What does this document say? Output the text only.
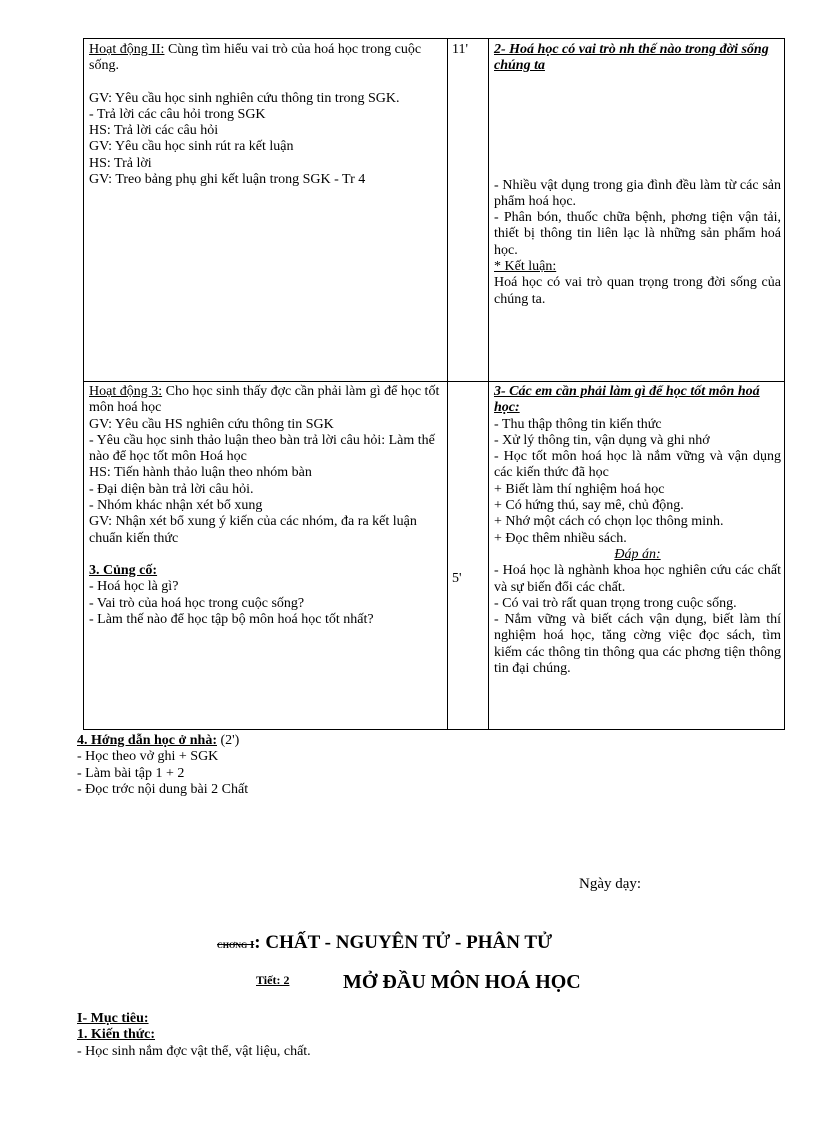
Hoạt động II: Cùng tìm hiểu vai trò của hoá học trong cuộc sống.

GV: Yêu cầu học sinh nghiên cứu thông tin trong SGK.

- Trả lời các câu hỏi trong SGK

HS: Trả lời các câu hỏi

GV: Yêu cầu học sinh rút ra kết luận

HS: Trả lời

GV: Treo bảng phụ ghi kết luận trong SGK - Tr 4

11'	2- Hoá học có vai trò nh thế nào trong đời sống chúng ta

- Nhiều vật dụng trong gia đình đều làm từ các sản phẩm hoá học.

- Phân bón, thuốc chữa bệnh, phơng tiện vận tải, thiết bị thông tin liên lạc là những sản phẩm hoá học.

* Kết luận:

Hoá học có vai trò quan trọng trong đời sống của chúng ta.

Hoạt động 3: Cho học sinh thấy đợc cần phải làm gì để học tốt môn hoá học

GV: Yêu cầu HS nghiên cứu thông tin SGK

- Yêu cầu học sinh thảo luận theo bàn trả lời câu hỏi: Làm thế nào để học tốt môn Hoá học

HS: Tiến hành thảo luận theo nhóm bàn

- Đại diện bàn trả lời câu hỏi.

- Nhóm khác nhận xét bổ xung

GV: Nhận xét bổ xung ý kiến của các nhóm, đa ra kết luận chuẩn kiến thức

3. Củng cố:

- Hoá học là gì?

- Vai trò của hoá học trong cuộc sống?

- Làm thế nào để học tập bộ môn hoá học tốt nhất?

5'

3- Các em cần phải làm gì để học tốt môn hoá học:

- Thu thập thông tin kiến thức

- Xử lý thông tin, vận dụng và ghi nhớ

- Học tốt môn hoá học là nắm vững và vận dụng các kiến thức đã học

+ Biết làm thí nghiệm hoá học

+ Có hứng thú, say mê, chủ động.

+ Nhớ một cách có chọn lọc thông minh.

+ Đọc thêm nhiều sách.

Đáp án:

- Hoá học là nghành khoa học nghiên cứu các chất và sự biến đổi các chất.

- Có vai trò rất quan trọng trong cuộc sống.

- Nắm vững và biết cách vận dụng, biết làm thí nghiệm hoá học, tăng cờng việc đọc sách, tìm kiếm các thông tin thông qua các phơng tiện thông tin đại chúng.

4. Hớng dẫn học ở nhà: (2')

- Học theo vở ghi + SGK

- Làm bài tập 1 + 2

- Đọc trớc nội dung bài 2 Chất

Ngày dạy:
chơng I: CHẤT - NGUYÊN TỬ - PHÂN TỬ
Tiết: 2	MỞ ĐẦU MÔN HOÁ HỌC

I- Mục tiêu:

1. Kiến thức:

- Học sinh nắm đợc vật thể, vật liệu, chất.
